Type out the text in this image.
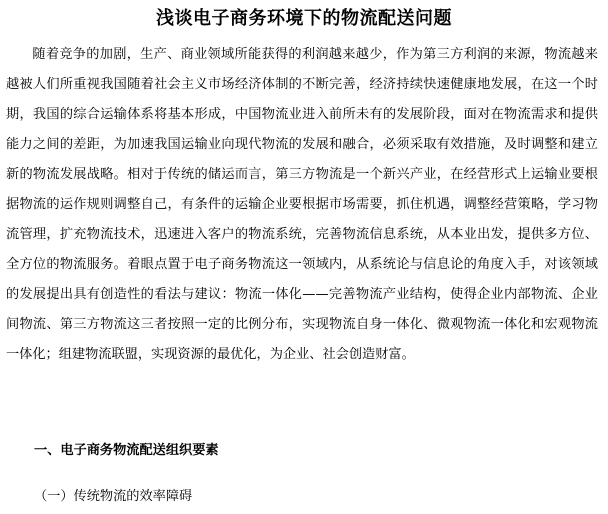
浅谈电子商务环境下的物流配送问题

随着竞争的加剧，生产、商业领域所能获得的利润越来越少，作为第三方利润的来源，物流越来越被人们所重视我国随着社会主义市场经济体制的不断完善，经济持续快速健康地发展，在这一个时期，我国的综合运输体系将基本形成，中国物流业进入前所未有的发展阶段，面对在物流需求和提供能力之间的差距，为加速我国运输业向现代物流的发展和融合，必须采取有效措施，及时调整和建立新的物流发展战略。相对于传统的储运而言，第三方物流是一个新兴产业，在经营形式上运输业要根据物流的运作规则调整自己，有条件的运输企业要根据市场需要，抓住机遇，调整经营策略，学习物流管理，扩充物流技术，迅速进入客户的物流系统，完善物流信息系统，从本业出发，提供多方位、全方位的物流服务。着眼点置于电子商务物流这一领域内，从系统论与信息论的角度入手，对该领域的发展提出具有创造性的看法与建议：物流一体化——完善物流产业结构，使得企业内部物流、企业间物流、第三方物流这三者按照一定的比例分布，实现物流自身一体化、微观物流一体化和宏观物流一体化；组建物流联盟，实现资源的最优化，为企业、社会创造财富。

一、电子商务物流配送组织要素
（一）传统物流的效率障碍
